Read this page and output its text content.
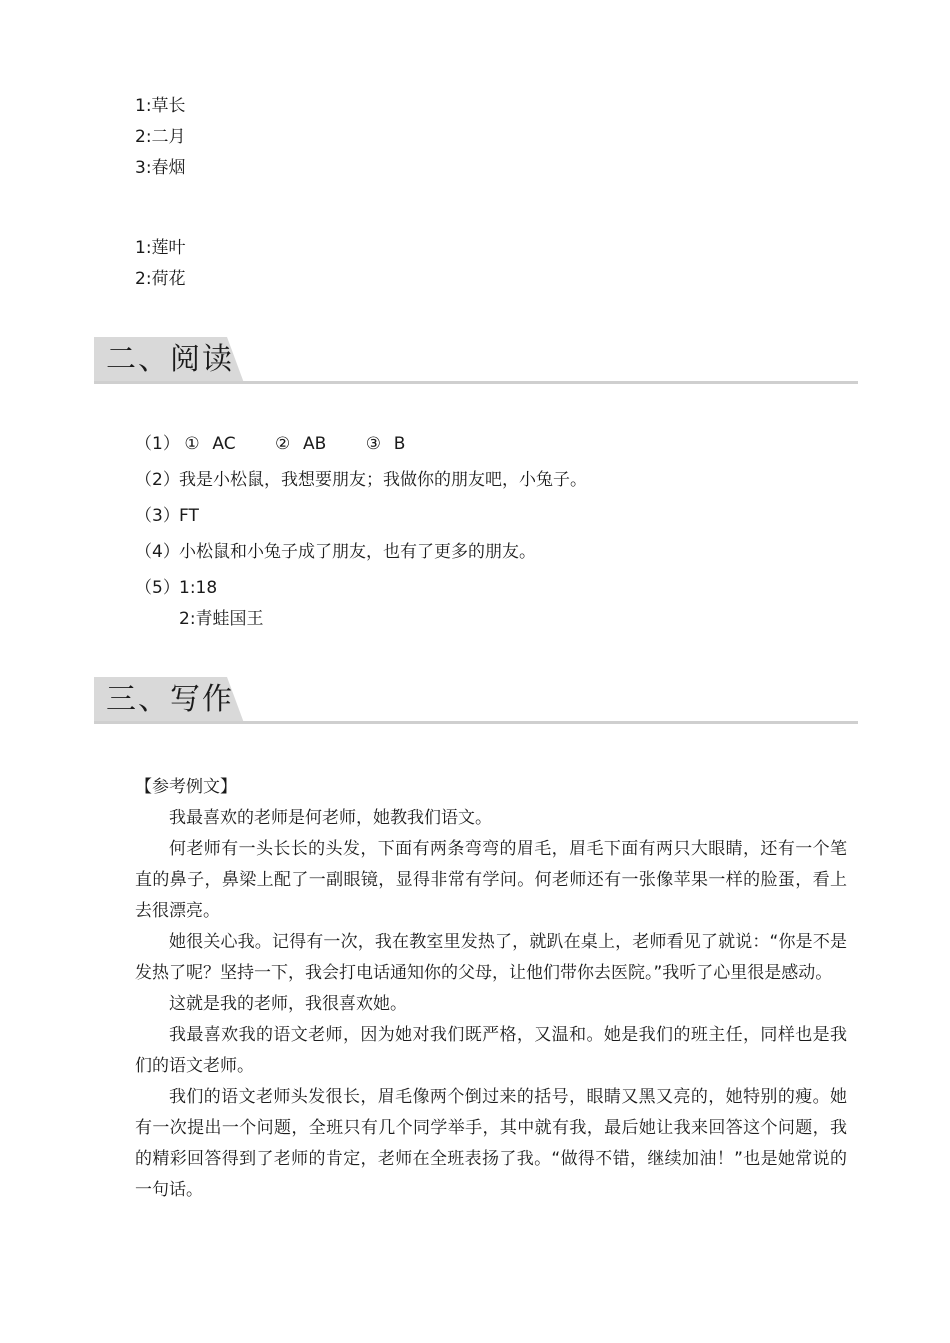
1:草长
2:二月
3:春烟
1:莲叶
2:荷花
二、阅读
（1） ① AC ② AB ③ B
（2）我是小松鼠，我想要朋友；我做你的朋友吧，小兔子。
（3）FT
（4）小松鼠和小兔子成了朋友，也有了更多的朋友。
（5）1:18
2:青蛙国王
三、写作

【参考例文】

我最喜欢的老师是何老师，她教我们语文。

何老师有一头长长的头发，下面有两条弯弯的眉毛，眉毛下面有两只大眼睛，还有一个笔直的鼻子，鼻梁上配了一副眼镜，显得非常有学问。何老师还有一张像苹果一样的脸蛋，看上去很漂亮。

她很关心我。记得有一次，我在教室里发热了，就趴在桌上，老师看见了就说：“你是不是发热了呢？坚持一下，我会打电话通知你的父母，让他们带你去医院。”我听了心里很是感动。

这就是我的老师，我很喜欢她。

我最喜欢我的语文老师，因为她对我们既严格，又温和。她是我们的班主任，同样也是我们的语文老师。

我们的语文老师头发很长，眉毛像两个倒过来的括号，眼睛又黑又亮的，她特别的瘦。她有一次提出一个问题，全班只有几个同学举手，其中就有我，最后她让我来回答这个问题，我的精彩回答得到了老师的肯定，老师在全班表扬了我。“做得不错，继续加油！”也是她常说的一句话。
